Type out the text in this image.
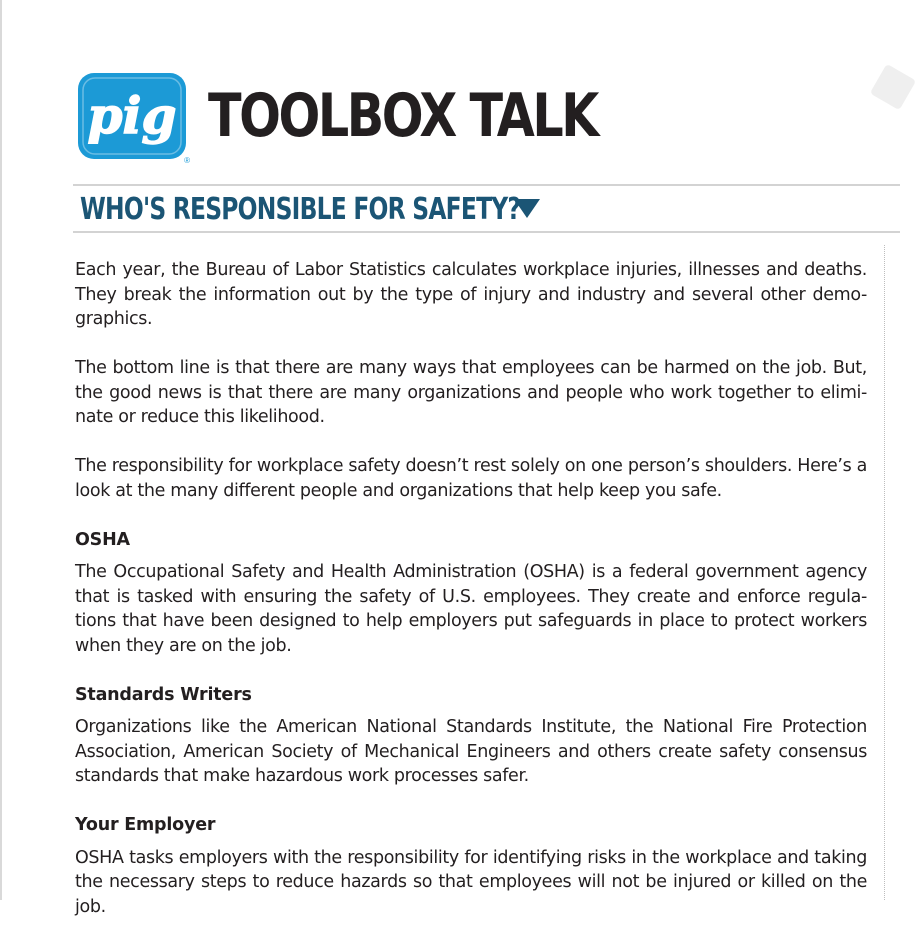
pig
®
TOOLBOX TALK
WHO'S RESPONSIBLE FOR SAFETY?

Each year, the Bureau of Labor Statistics calculates workplace injuries, illnesses and deaths. They break the information out by the type of injury and industry and several other demo-graphics.

The bottom line is that there are many ways that employees can be harmed on the job. But, the good news is that there are many organizations and people who work together to elimi-nate or reduce this likelihood.

The responsibility for workplace safety doesn’t rest solely on one person’s shoulders. Here’s a look at the many different people and organizations that help keep you safe.

OSHA

The Occupational Safety and Health Administration (OSHA) is a federal government agency that is tasked with ensuring the safety of U.S. employees. They create and enforce regula-tions that have been designed to help employers put safeguards in place to protect workers when they are on the job.

Standards Writers

Organizations like the American National Standards Institute, the National Fire Protection Association, American Society of Mechanical Engineers and others create safety consensus standards that make hazardous work processes safer.

Your Employer

OSHA tasks employers with the responsibility for identifying risks in the workplace and taking the necessary steps to reduce hazards so that employees will not be injured or killed on the job.
